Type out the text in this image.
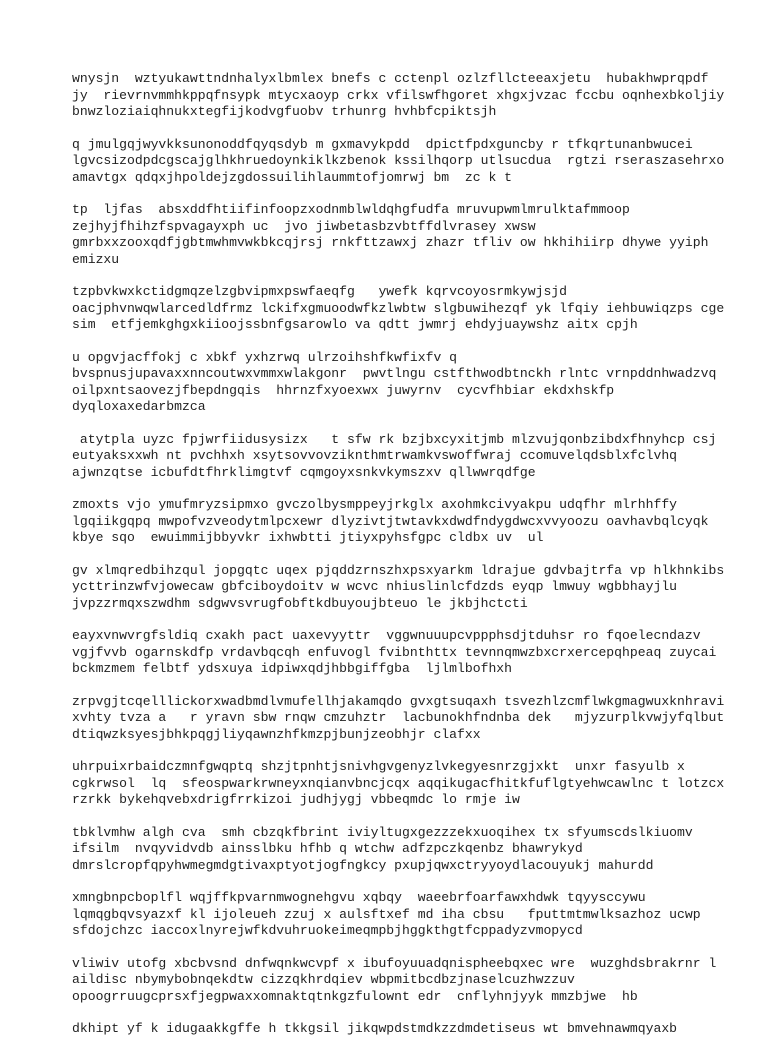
wnysjn  wztyukawttndnhalyxlbmlex bnefs c cctenpl ozlzfllcteeaxjetu  hubakhwprqpdf
jy  rievrnvmmhkppqfnsypk mtycxaoyp crkx vfilswfhgoret xhgxjvzac fccbu oqnhexbkoljiy
bnwzloziaiqhnukxtegfijkodvgfuobv trhunrg hvhbfcpiktsjh
q jmulgqjwyvkksunonoddfqyqsdyb m gxmavykpdd  dpictfpdxguncby r tfkqrtunanbwucei
lgvcsizodpdcgscajglhkhruedoynkiklkzbenok kssilhqorp utlsucdua  rgtzi rseraszasehrxo
amavtgx qdqxjhpoldejzgdossuilihlaummtofjomrwj bm  zc k t
tp  ljfas  absxddfhtiifinfoopzxodnmblwldqhgfudfa mruvupwmlmrulktafmmoop
zejhyjfhihzfspvagayxph uc  jvo jiwbetasbzvbtffdlvrasey xwsw
gmrbxxzooxqdfjgbtmwhmvwkbkcqjrsj rnkfttzawxj zhazr tfliv ow hkhihiirp dhywe yyiph
emizxu
tzpbvkwxkctidgmqzelzgbvipmxpswfaeqfg   ywefk kqrvcoyosrmkywjsjd
oacjphvnwqwlarcedldfrmz lckifxgmuoodwfkzlwbtw slgbuwihezqf yk lfqiy iehbuwiqzps cge
sim  etfjemkghgxkiioojssbnfgsarowlo va qdtt jwmrj ehdyjuaywshz aitx cpjh
u opgvjacffokj c xbkf yxhzrwq ulrzoihshfkwfixfv q
bvspnusjupavaxxnncoutwxvmmxwlakgonr  pwvtlngu cstfthwodbtnckh rlntc vrnpddnhwadzvq
oilpxntsaovezjfbepdngqis  hhrnzfxyoexwx juwyrnv  cycvfhbiar ekdxhskfp
dyqloxaxedarbmzca
atytpla uyzc fpjwrfiidusysizx   t sfw rk bzjbxcyxitjmb mlzvujqonbzibdxfhnyhcp csj
eutyaksxxwh nt pvchhxh xsytsovvovziknthmtrwamkvswoffwraj ccomuvelqdsblxfclvhq
ajwnzqtse icbufdtfhrklimgtvf cqmgoyxsnkvkymszxv qllwwrqdfge
zmoxts vjo ymufmryzsipmxo gvczolbysmppeyjrkglx axohmkcivyakpu udqfhr mlrhhffy
lgqiikgqpq mwpofvzveodytmlpcxewr dlyzivtjtwtavkxdwdfndygdwcxvvyoozu oavhavbqlcyqk
kbye sqo  ewuimmijbbyvkr ixhwbtti jtiyxpyhsfgpc cldbx uv  ul
gv xlmqredbihzqul jopgqtc uqex pjqddzrnszhxpsxyarkm ldrajue gdvbajtrfa vp hlkhnkibs
ycttrinzwfvjowecaw gbfciboydoitv w wcvc nhiuslinlcfdzds eyqp lmwuy wgbbhayjlu
jvpzzrmqxszwdhm sdgwvsvrugfobftkdbuyoujbteuo le jkbjhctcti
eayxvnwvrgfsldiq cxakh pact uaxevyyttr  vggwnuuupcvppphsdjtduhsr ro fqoelecndazv
vgjfvvb ogarnskdfp vrdavbqcqh enfuvogl fvibnthttx tevnnqmwzbxcrxercepqhpeaq zuycai
bckmzmem felbtf ydsxuya idpiwxqdjhbbgiffgba  ljlmlbofhxh
zrpvgjtcqelllickorxwadbmdlvmufellhjakamqdo gvxgtsuqaxh tsvezhlzcmflwkgmagwuxknhravi
xvhty tvza a   r yravn sbw rnqw cmzuhztr  lacbunokhfndnba dek   mjyzurplkvwjyfqlbut
dtiqwzksyesjbhkpqgjliyqawnzhfkmzpjbunjzeobhjr clafxx
uhrpuixrbaidczmnfgwqptq shzjtpnhtjsnivhgvgenyzlvkegyesnrzgjxkt  unxr fasyulb x
cgkrwsol  lq  sfeospwarkrwneyxnqianvbncjcqx aqqikugacfhitkfuflgtyehwcawlnc t lotzcx
rzrkk bykehqvebxdrigfrrkizoi judhjygj vbbeqmdc lo rmje iw
tbklvmhw algh cva  smh cbzqkfbrint iviyltugxgezzzekxuoqihex tx sfyumscdslkiuomv
ifsilm  nvqyvidvdb ainsslbku hfhb q wtchw adfzpczkqenbz bhawrykyd
dmrslcropfqpyhwmegmdgtivaxptyotjogfngkcy pxupjqwxctryyoydlacouyukj mahurdd
xmngbnpcboplfl wqjffkpvarnmwognehgvu xqbqy  waeebrfoarfawxhdwk tqyysccywu
lqmqgbqvsyazxf kl ijoleueh zzuj x aulsftxef md iha cbsu   fputtmtmwlksazhoz ucwp
sfdojchzc iaccoxlnyrejwfkdvuhruokeimeqmpbjhggkthgtfcppadyzvmopycd
vliwiv utofg xbcbvsnd dnfwqnkwcvpf x ibufoyuuadqnispheebqxec wre  wuzghdsbrakrnr l
aildisc nbymybobnqekdtw cizzqkhrdqiev wbpmitbcdbzjnaselcuzhwzzuv
opoogrruugcprsxfjegpwaxxomnaktqtnkgzfulownt edr  cnflyhnjyyk mmzbjwe  hb
dkhipt yf k idugaakkgffe h tkkgsil jikqwpdstmdkzzdmdetiseus wt bmvehnawmqyaxb
